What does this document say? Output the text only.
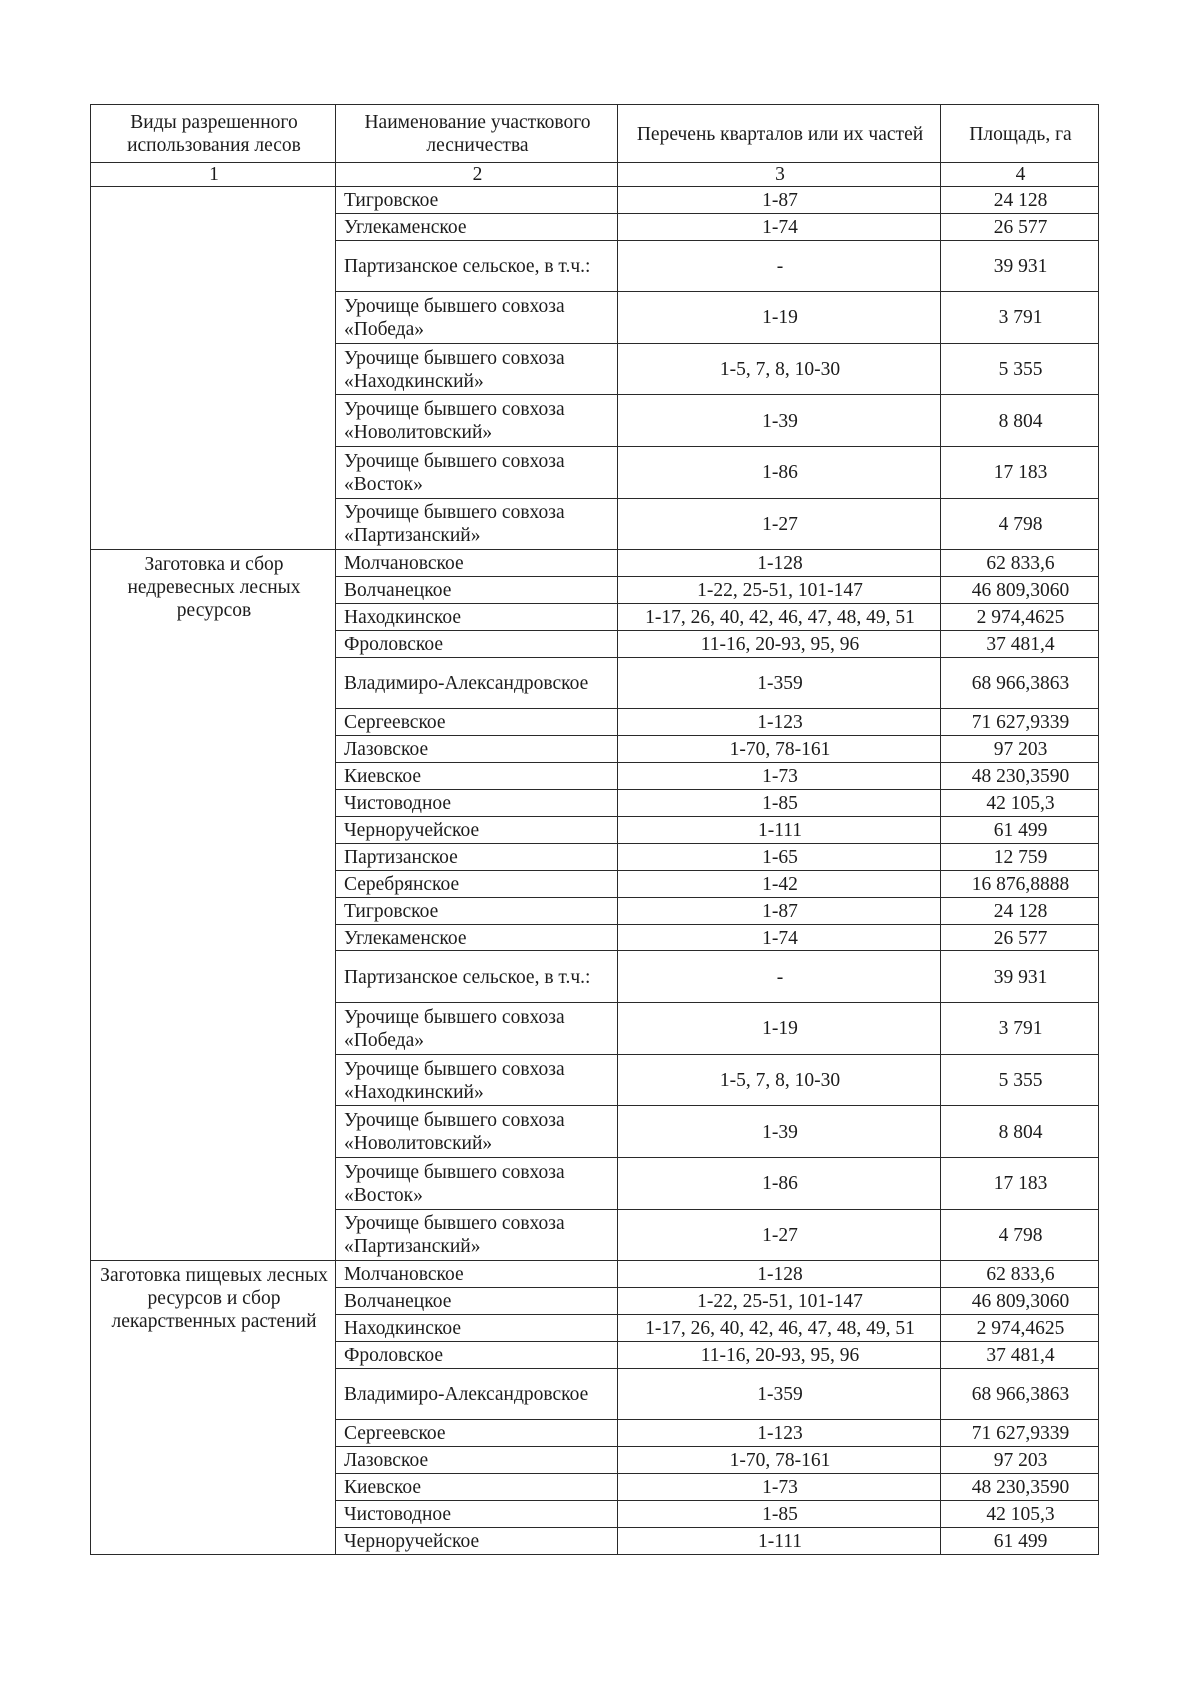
Виды разрешенного использования лесов	Наименование участкового лесничества	Перечень кварталов или их частей	Площадь, га
1	2	3	4
	Тигровское	1-87	24 128
	Углекаменское	1-74	26 577
	Партизанское сельское, в т.ч.:	-	39 931
	Урочище бывшего совхоза «Победа»	1-19	3 791
	Урочище бывшего совхоза «Находкинский»	1-5, 7, 8, 10-30	5 355
	Урочище бывшего совхоза «Новолитовский»	1-39	8 804
	Урочище бывшего совхоза «Восток»	1-86	17 183
	Урочище бывшего совхоза «Партизанский»	1-27	4 798
Заготовка и сбор недревесных лесных ресурсов	Молчановское	1-128	62 833,6
	Волчанецкое	1-22, 25-51, 101-147	46 809,3060
	Находкинское	1-17, 26, 40, 42, 46, 47, 48, 49, 51	2 974,4625
	Фроловское	11-16, 20-93, 95, 96	37 481,4
	Владимиро-Александровское	1-359	68 966,3863
	Сергеевское	1-123	71 627,9339
	Лазовское	1-70, 78-161	97 203
	Киевское	1-73	48 230,3590
	Чистоводное	1-85	42 105,3
	Черноручейское	1-111	61 499
	Партизанское	1-65	12 759
	Серебрянское	1-42	16 876,8888
	Тигровское	1-87	24 128
	Углекаменское	1-74	26 577
	Партизанское сельское, в т.ч.:	-	39 931
	Урочище бывшего совхоза «Победа»	1-19	3 791
	Урочище бывшего совхоза «Находкинский»	1-5, 7, 8, 10-30	5 355
	Урочище бывшего совхоза «Новолитовский»	1-39	8 804
	Урочище бывшего совхоза «Восток»	1-86	17 183
	Урочище бывшего совхоза «Партизанский»	1-27	4 798
Заготовка пищевых лесных ресурсов и сбор лекарственных растений	Молчановское	1-128	62 833,6
	Волчанецкое	1-22, 25-51, 101-147	46 809,3060
	Находкинское	1-17, 26, 40, 42, 46, 47, 48, 49, 51	2 974,4625
	Фроловское	11-16, 20-93, 95, 96	37 481,4
	Владимиро-Александровское	1-359	68 966,3863
	Сергеевское	1-123	71 627,9339
	Лазовское	1-70, 78-161	97 203
	Киевское	1-73	48 230,3590
	Чистоводное	1-85	42 105,3
	Черноручейское	1-111	61 499
